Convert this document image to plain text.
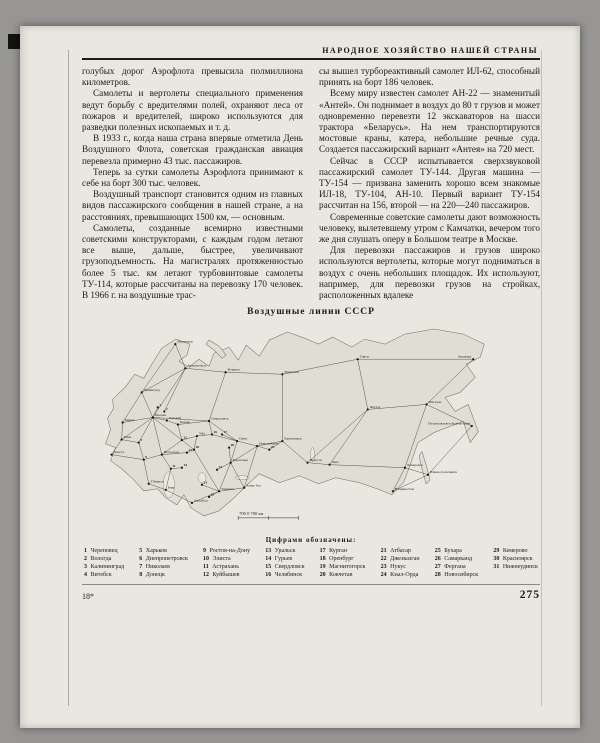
НАРОДНОЕ ХОЗЯЙСТВО НАШЕЙ СТРАНЫ

голубых дорог Аэрофлота превысила полмиллиона километров.

Самолеты и вертолеты специального применения ведут борьбу с вредителями полей, охраняют леса от пожаров и вредителей, широко используются для разведки полезных ископаемых и т. д.

В 1933 г., когда наша страна впервые отметила День Воздушного Флота, советская гражданская авиация перевезла примерно 43 тыс. пассажиров.

Теперь за сутки самолеты Аэрофлота принимают к себе на борт 300 тыс. человек.

Воздушный транспорт становится одним из главных видов пассажирского сообщения в нашей стране, а на расстояниях, превышающих 1500 км, — основным.

Самолеты, созданные всемирно известными советскими конструкторами, с каждым годом летают все выше, дальше, быстрее, увеличивают грузоподъемность. На магистралях протяженностью более 5 тыс. км летают турбовинтовые самолеты ТУ-114, которые рассчитаны на перевозку 170 человек. В 1966 г. на воздушные трас-

сы вышел турбореактивный самолет ИЛ-62, способный принять на борт 186 человек.

Всему миру известен самолет АН-22 — знаменитый «Антей». Он поднимает в воздух до 80 т грузов и может одновременно перевезти 12 экскаваторов на шасси трактора «Беларусь». На нем транспортируются мостовые краны, катера, небольшие речные суда. Создается пассажирский вариант «Антея» на 720 мест.

Сейчас в СССР испытывается сверхзвуковой пассажирский самолет ТУ-144. Другая машина — ТУ-154 — призвана заменить хорошо всем знакомые ИЛ-18, ТУ-104, АН-10. Первый вариант ТУ-154 рассчитан на 156, второй — на 220—240 пассажиров.

Современные советские самолеты дают возможность человеку, вылетевшему утром с Камчатки, вечером того же дня слушать оперу в Большом театре в Москве.

Для перевозки пассажиров и грузов широко используются вертолеты, которые могут подниматься в воздух с очень небольших площадок. Их используют, например, для перевозки грузов на стройках, расположенных вдалеке

Воздушные линии СССР
Мурманск
Архангельск
Ленинград
Москва
Минск
Киев
Одесса
5
9
Волгоград
11
Тбилиси
Баку
12
Казань
Горький	Свердловск
16
Уфа
18
Ашхабад
Ташкент
Алма-Ата
Караганда
Омск
Новосибирск
Красноярск
Иркутск
Чита
Якутск
Тикси
Норильск
Воркута
Магадан
Анадырь
Петропавловск-Камчатский
Хабаровск
Владивосток
Южно-Сахалинск
1
2
13
14
17
20
22
23
25
29
700 0 700 км
Цифрами обозначены:
1 Череповец
2 Вологда
3 Калининград
4 Витебск
5 Харьков
6 Днепропетровск
7 Николаев
8 Донецк
9 Ростов-на-Дону
10 Элиста
11 Астрахань
12 Куйбышев
13 Уральск
14 Гурьев
15 Свердловск
16 Челябинск
17 Курган
18 Оренбург
19 Магнитогорск
20 Кокчетав
21 Атбасар
22 Джезказган
23 Нукус
24 Кзыл-Орда
25 Бухара
26 Самарканд
27 Фергана
28 Новосибирск
29 Кемерово
30 Красноярск
31 Нижнеудинск
18*	275
